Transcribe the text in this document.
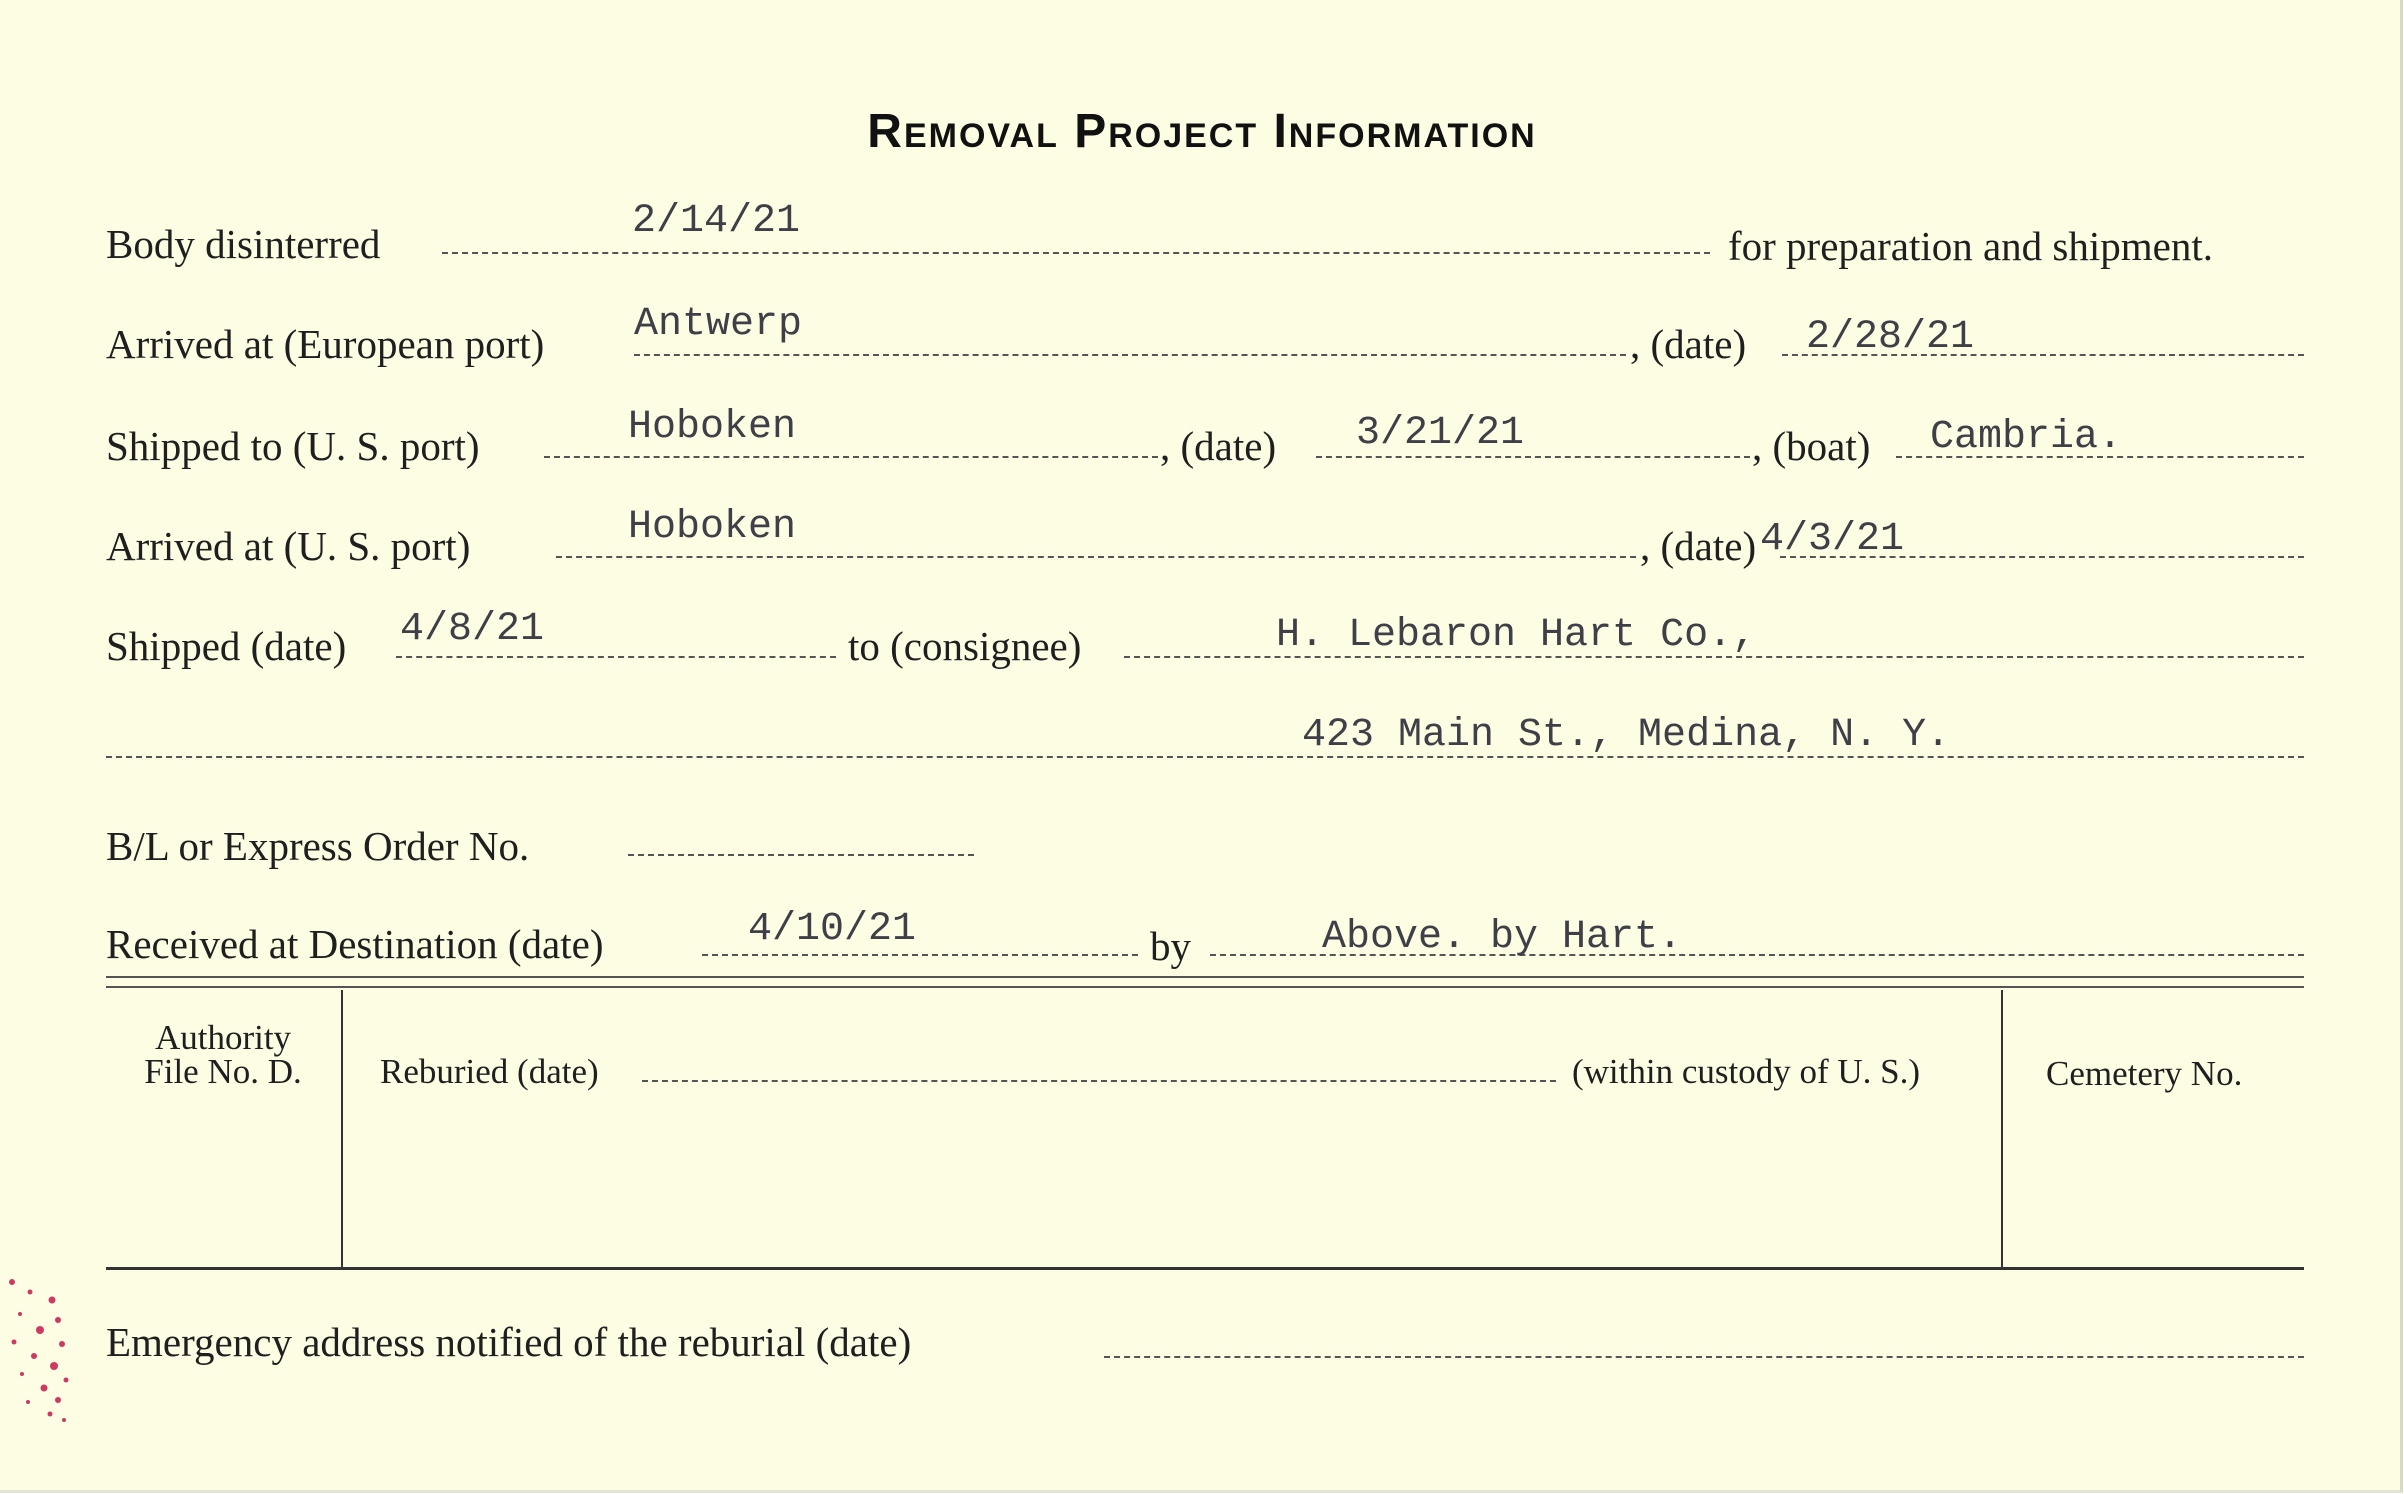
Removal Project Information
Body disinterred	2/14/21
for preparation and shipment.
Arrived at (European port) Antwerp	, (date) 2/28/21
Shipped to (U. S. port)	Hoboken	, (date) 3/21/21	, (boat) Cambria.
Arrived at (U. S. port)	Hoboken	, (date) 4/3/21
Shipped (date) 4/8/21	to (consignee)	H. Lebaron Hart Co.,
423 Main St., Medina, N. Y.
B/L or Express Order No.
Received at Destination (date)	4/10/21	by	Above. by Hart.
Authority
File No. D.	Reburied (date)	(within custody of U. S.)	Cemetery No.
Emergency address notified of the reburial (date)
